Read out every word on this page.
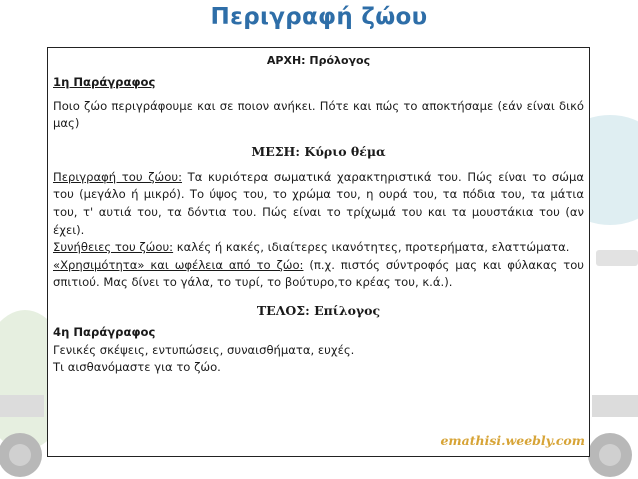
Περιγραφή ζώου
ΑΡΧΗ: Πρόλογος
1η Παράγραφος
Ποιο ζώο περιγράφουμε και σε ποιον ανήκει. Πότε και πώς το αποκτήσαμε (εάν είναι δικό μας)
ΜΕΣΗ: Κύριο θέμα
Περιγραφή του ζώου: Τα κυριότερα σωματικά χαρακτηριστικά του. Πώς είναι το σώμα του (μεγάλο ή μικρό). Το ύψος του, το χρώμα του, η ουρά του, τα πόδια του, τα μάτια του, τ' αυτιά του, τα δόντια του. Πώς είναι το τρίχωμά του και τα μουστάκια του (αν έχει).
Συνήθειες του ζώου: καλές ή κακές, ιδιαίτερες ικανότητες, προτερήματα, ελαττώματα.
«Χρησιμότητα» και ωφέλεια από το ζώο: (π.χ. πιστός σύντροφός μας και φύλακας του σπιτιού. Μας δίνει το γάλα, το τυρί, το βούτυρο,το κρέας του, κ.ά.).
ΤΕΛΟΣ: Επίλογος
4η Παράγραφος
Γενικές σκέψεις, εντυπώσεις, συναισθήματα, ευχές.
Τι αισθανόμαστε για το ζώο.
emathisi.weebly.com
